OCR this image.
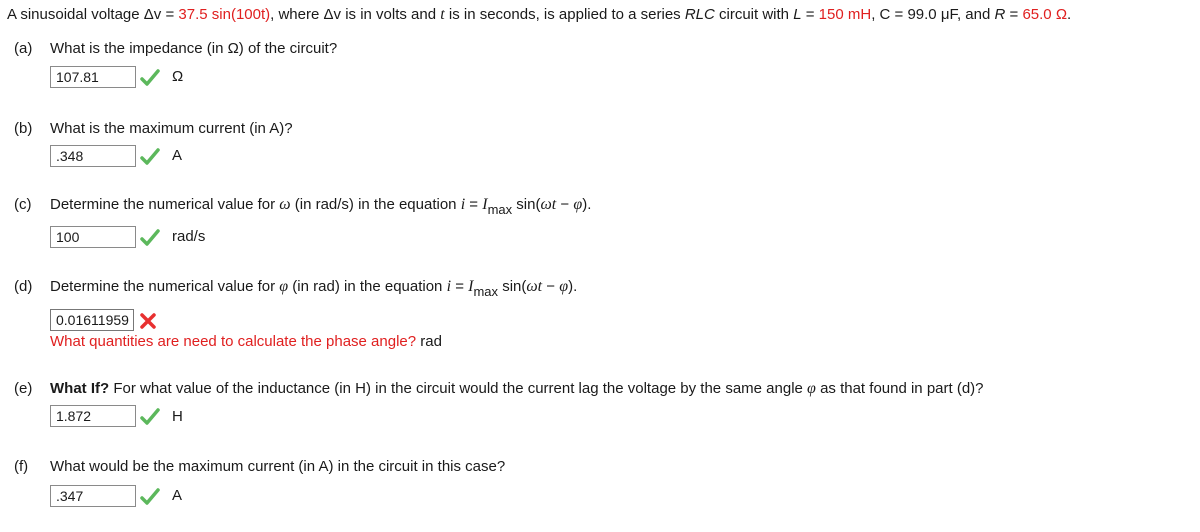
A sinusoidal voltage Δv = 37.5 sin(100t), where Δv is in volts and t is in seconds, is applied to a series RLC circuit with L = 150 mH, C = 99.0 μF, and R = 65.0 Ω.
(a) What is the impedance (in Ω) of the circuit?
107.81
Ω
(b) What is the maximum current (in A)?
.348
A
(c) Determine the numerical value for ω (in rad/s) in the equation i = Imax sin(ωt − φ).
100
rad/s
(d) Determine the numerical value for φ (in rad) in the equation i = Imax sin(ωt − φ).
0.01611959
What quantities are need to calculate the phase angle? rad
(e) What If? For what value of the inductance (in H) in the circuit would the current lag the voltage by the same angle φ as that found in part (d)?
1.872
H
(f) What would be the maximum current (in A) in the circuit in this case?
.347
A
